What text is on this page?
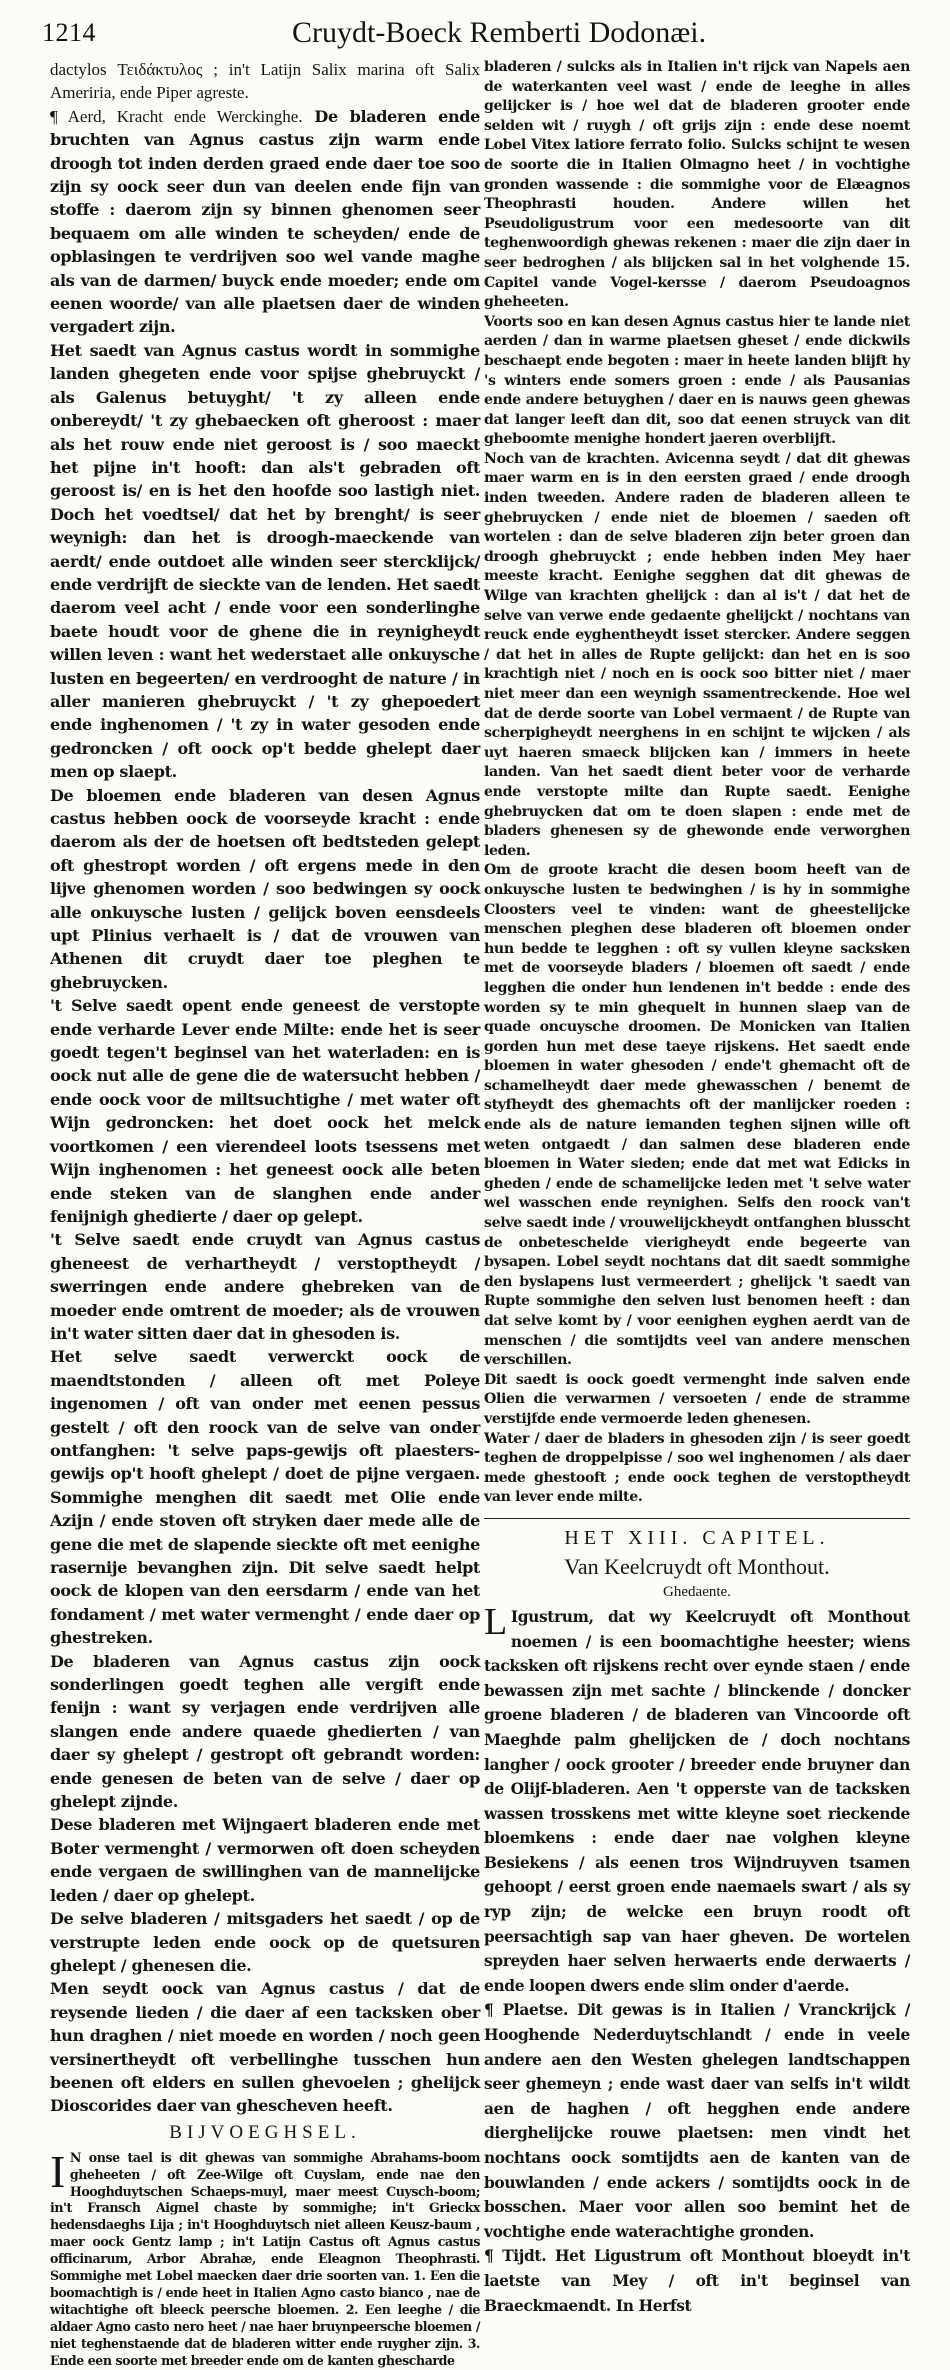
1214	Cruydt-Boeck Remberti Dodonæi.

dactylos Τειδάκτυλος ; in't Latijn Salix marina oft Salix Ameriria, ende Piper agreste.

¶ Aerd, Kracht ende Werckinghe. De bladeren ende bruchten van Agnus castus zijn warm ende droogh tot inden derden graed ende daer toe soo zijn sy oock seer dun van deelen ende fijn van stoffe : daerom zijn sy binnen ghenomen seer bequaem om alle winden te scheyden/ ende de opblasingen te verdrijven soo wel vande maghe als van de darmen/ buyck ende moeder; ende om eenen woorde/ van alle plaetsen daer de winden vergadert zijn.

Het saedt van Agnus castus wordt in sommighe landen ghegeten ende voor spijse ghebruyckt / als Galenus betuyght/ 't zy alleen ende onbereydt/ 't zy ghebaecken oft gheroost : maer als het rouw ende niet geroost is / soo maeckt het pijne in't hooft: dan als't gebraden oft geroost is/ en is het den hoofde soo lastigh niet. Doch het voedtsel/ dat het by brenght/ is seer weynigh: dan het is droogh-maeckende van aerdt/ ende outdoet alle winden seer stercklijck/ ende verdrijft de sieckte van de lenden. Het saedt daerom veel acht / ende voor een sonderlinghe baete houdt voor de ghene die in reynigheydt willen leven : want het wederstaet alle onkuysche lusten en begeerten/ en verdrooght de nature / in aller manieren ghebruyckt / 't zy ghepoedert ende inghenomen / 't zy in water gesoden ende gedroncken / oft oock op't bedde ghelept daer men op slaept.

De bloemen ende bladeren van desen Agnus castus hebben oock de voorseyde kracht : ende daerom als der de hoetsen oft bedtsteden gelept oft ghestropt worden / oft ergens mede in den lijve ghenomen worden / soo bedwingen sy oock alle onkuysche lusten / gelijck boven eensdeels upt Plinius verhaelt is / dat de vrouwen van Athenen dit cruydt daer toe pleghen te ghebruycken.

't Selve saedt opent ende geneest de verstopte ende verharde Lever ende Milte: ende het is seer goedt tegen't beginsel van het waterladen: en is oock nut alle de gene die de watersucht hebben / ende oock voor de miltsuchtighe / met water oft Wijn gedroncken: het doet oock het melck voortkomen / een vierendeel loots tsessens met Wijn inghenomen : het geneest oock alle beten ende steken van de slanghen ende ander fenijnigh ghedierte / daer op gelept.

't Selve saedt ende cruydt van Agnus castus gheneest de verhartheydt / verstoptheydt / swerringen ende andere ghebreken van de moeder ende omtrent de moeder; als de vrouwen in't water sitten daer dat in ghesoden is.

Het selve saedt verwerckt oock de maendtstonden / alleen oft met Poleye ingenomen / oft van onder met eenen pessus gestelt / oft den roock van de selve van onder ontfanghen: 't selve paps-gewijs oft plaesters-gewijs op't hooft ghelept / doet de pijne vergaen. Sommighe menghen dit saedt met Olie ende Azijn / ende stoven oft stryken daer mede alle de gene die met de slapende sieckte oft met eenighe rasernije bevanghen zijn. Dit selve saedt helpt oock de klopen van den eersdarm / ende van het fondament / met water vermenght / ende daer op ghestreken.

De bladeren van Agnus castus zijn oock sonderlingen goedt teghen alle vergift ende fenijn : want sy verjagen ende verdrijven alle slangen ende andere quaede ghedierten / van daer sy ghelept / gestropt oft gebrandt worden: ende genesen de beten van de selve / daer op ghelept zijnde.

Dese bladeren met Wijngaert bladeren ende met Boter vermenght / vermorwen oft doen scheyden ende vergaen de swillinghen van de mannelijcke leden / daer op ghelept.

De selve bladeren / mitsgaders het saedt / op de verstrupte leden ende oock op de quetsuren ghelept / ghenesen die.

Men seydt oock van Agnus castus / dat de reysende lieden / die daer af een tacksken ober hun draghen / niet moede en worden / noch geen versinertheydt oft verbellinghe tusschen hun beenen oft elders en sullen ghevoelen ; ghelijck Dioscorides daer van ghescheven heeft.

BIJVOEGHSEL.

I N onse tael is dit ghewas van sommighe Abrahams-boom gheheeten / oft Zee-Wilge oft Cuyslam, ende nae den Hooghduytschen Schaeps-muyl, maer meest Cuysch-boom; in't Fransch Aignel chaste by sommighe; in't Grieckx hedensdaeghs Lija ; in't Hooghduytsch niet alleen Keusz-baum , maer oock Gentz lamp ; in't Latijn Castus oft Agnus castus officinarum, Arbor Abrahæ, ende Eleagnon Theophrasti. Sommighe met Lobel maecken daer drie soorten van. 1. Een die boomachtigh is / ende heet in Italien Agno casto bianco , nae de witachtighe oft bleeck peersche bloemen. 2. Een leeghe / die aldaer Agno casto nero heet / nae haer bruynpeersche bloemen / niet teghenstaende dat de bladeren witter ende ruygher zijn. 3. Ende een soorte met breeder ende om de kanten ghescharde

bladeren / sulcks als in Italien in't rijck van Napels aen de waterkanten veel wast / ende de leeghe in alles gelijcker is / hoe wel dat de bladeren grooter ende selden wit / ruygh / oft grijs zijn : ende dese noemt Lobel Vitex latiore ferrato folio. Sulcks schijnt te wesen de soorte die in Italien Olmagno heet / in vochtighe gronden wassende : die sommighe voor de Elæagnos Theophrasti houden. Andere willen het Pseudoligustrum voor een medesoorte van dit teghenwoordigh ghewas rekenen : maer die zijn daer in seer bedroghen / als blijcken sal in het volghende 15. Capitel vande Vogel-kersse / daerom Pseudoagnos gheheeten.

Voorts soo en kan desen Agnus castus hier te lande niet aerden / dan in warme plaetsen gheset / ende dickwils beschaept ende begoten : maer in heete landen blijft hy 's winters ende somers groen : ende / als Pausanias ende andere betuyghen / daer en is nauws geen ghewas dat langer leeft dan dit, soo dat eenen struyck van dit gheboomte menighe hondert jaeren overblijft.

Noch van de krachten. Avicenna seydt / dat dit ghewas maer warm en is in den eersten graed / ende droogh inden tweeden. Andere raden de bladeren alleen te ghebruycken / ende niet de bloemen / saeden oft wortelen : dan de selve bladeren zijn beter groen dan droogh ghebruyckt ; ende hebben inden Mey haer meeste kracht. Eenighe segghen dat dit ghewas de Wilge van krachten ghelijck : dan al is't / dat het de selve van verwe ende gedaente ghelijckt / nochtans van reuck ende eyghentheydt isset stercker. Andere seggen / dat het in alles de Rupte gelijckt: dan het en is soo krachtigh niet / noch en is oock soo bitter niet / maer niet meer dan een weynigh ssamentreckende. Hoe wel dat de derde soorte van Lobel vermaent / de Rupte van scherpigheydt neerghens in en schijnt te wijcken / als uyt haeren smaeck blijcken kan / immers in heete landen. Van het saedt dient beter voor de verharde ende verstopte milte dan Rupte saedt. Eenighe ghebruycken dat om te doen slapen : ende met de bladers ghenesen sy de ghewonde ende verworghen leden.

Om de groote kracht die desen boom heeft van de onkuysche lusten te bedwinghen / is hy in sommighe Cloosters veel te vinden: want de gheestelijcke menschen pleghen dese bladeren oft bloemen onder hun bedde te legghen : oft sy vullen kleyne sacksken met de voorseyde bladers / bloemen oft saedt / ende legghen die onder hun lendenen in't bedde : ende des worden sy te min ghequelt in hunnen slaep van de quade oncuysche droomen. De Monicken van Italien gorden hun met dese taeye rijskens. Het saedt ende bloemen in water ghesoden / ende't ghemacht oft de schamelheydt daer mede ghewasschen / benemt de styfheydt des ghemachts oft der manlijcker roeden : ende als de nature iemanden teghen sijnen wille oft weten ontgaedt / dan salmen dese bladeren ende bloemen in Water sieden; ende dat met wat Edicks in gheden / ende de schamelijcke leden met 't selve water wel wasschen ende reynighen. Selfs den roock van't selve saedt inde / vrouwelijckheydt ontfanghen blusscht de onbeteschelde vierigheydt ende begeerte van bysapen. Lobel seydt nochtans dat dit saedt sommighe den byslapens lust vermeerdert ; ghelijck 't saedt van Rupte sommighe den selven lust benomen heeft : dan dat selve komt by / voor eenighen eyghen aerdt van de menschen / die somtijdts veel van andere menschen verschillen.

Dit saedt is oock goedt vermenght inde salven ende Olien die verwarmen / versoeten / ende de stramme verstijfde ende vermoerde leden ghenesen.

Water / daer de bladers in ghesoden zijn / is seer goedt teghen de droppelpisse / soo wel inghenomen / als daer mede ghestooft ; ende oock teghen de verstoptheydt van lever ende milte.

HET XIII. CAPITEL.
Van Keelcruydt oft Monthout.
Ghedaente.

L Igustrum, dat wy Keelcruydt oft Monthout noemen / is een boomachtighe heester; wiens tacksken oft rijskens recht over eynde staen / ende bewassen zijn met sachte / blinckende / doncker groene bladeren / de bladeren van Vincoorde oft Maeghde palm ghelijcken de / doch nochtans langher / oock grooter / breeder ende bruyner dan de Olijf-bladeren. Aen 't opperste van de tacksken wassen trosskens met witte kleyne soet rieckende bloemkens : ende daer nae volghen kleyne Besiekens / als eenen tros Wijndruyven tsamen gehoopt / eerst groen ende naemaels swart / als sy ryp zijn; de welcke een bruyn roodt oft peersachtigh sap van haer gheven. De wortelen spreyden haer selven herwaerts ende derwaerts / ende loopen dwers ende slim onder d'aerde.

¶ Plaetse. Dit gewas is in Italien / Vranckrijck / Hooghende Nederduytschlandt / ende in veele andere aen den Westen ghelegen landtschappen seer ghemeyn ; ende wast daer van selfs in't wildt aen de haghen / oft hegghen ende andere dierghelijcke rouwe plaetsen: men vindt het nochtans oock somtijdts aen de kanten van de bouwlanden / ende ackers / somtijdts oock in de bosschen. Maer voor allen soo bemint het de vochtighe ende waterachtighe gronden.

¶ Tijdt. Het Ligustrum oft Monthout bloeydt in't laetste van Mey / oft in't beginsel van Braeckmaendt. In Herfst
